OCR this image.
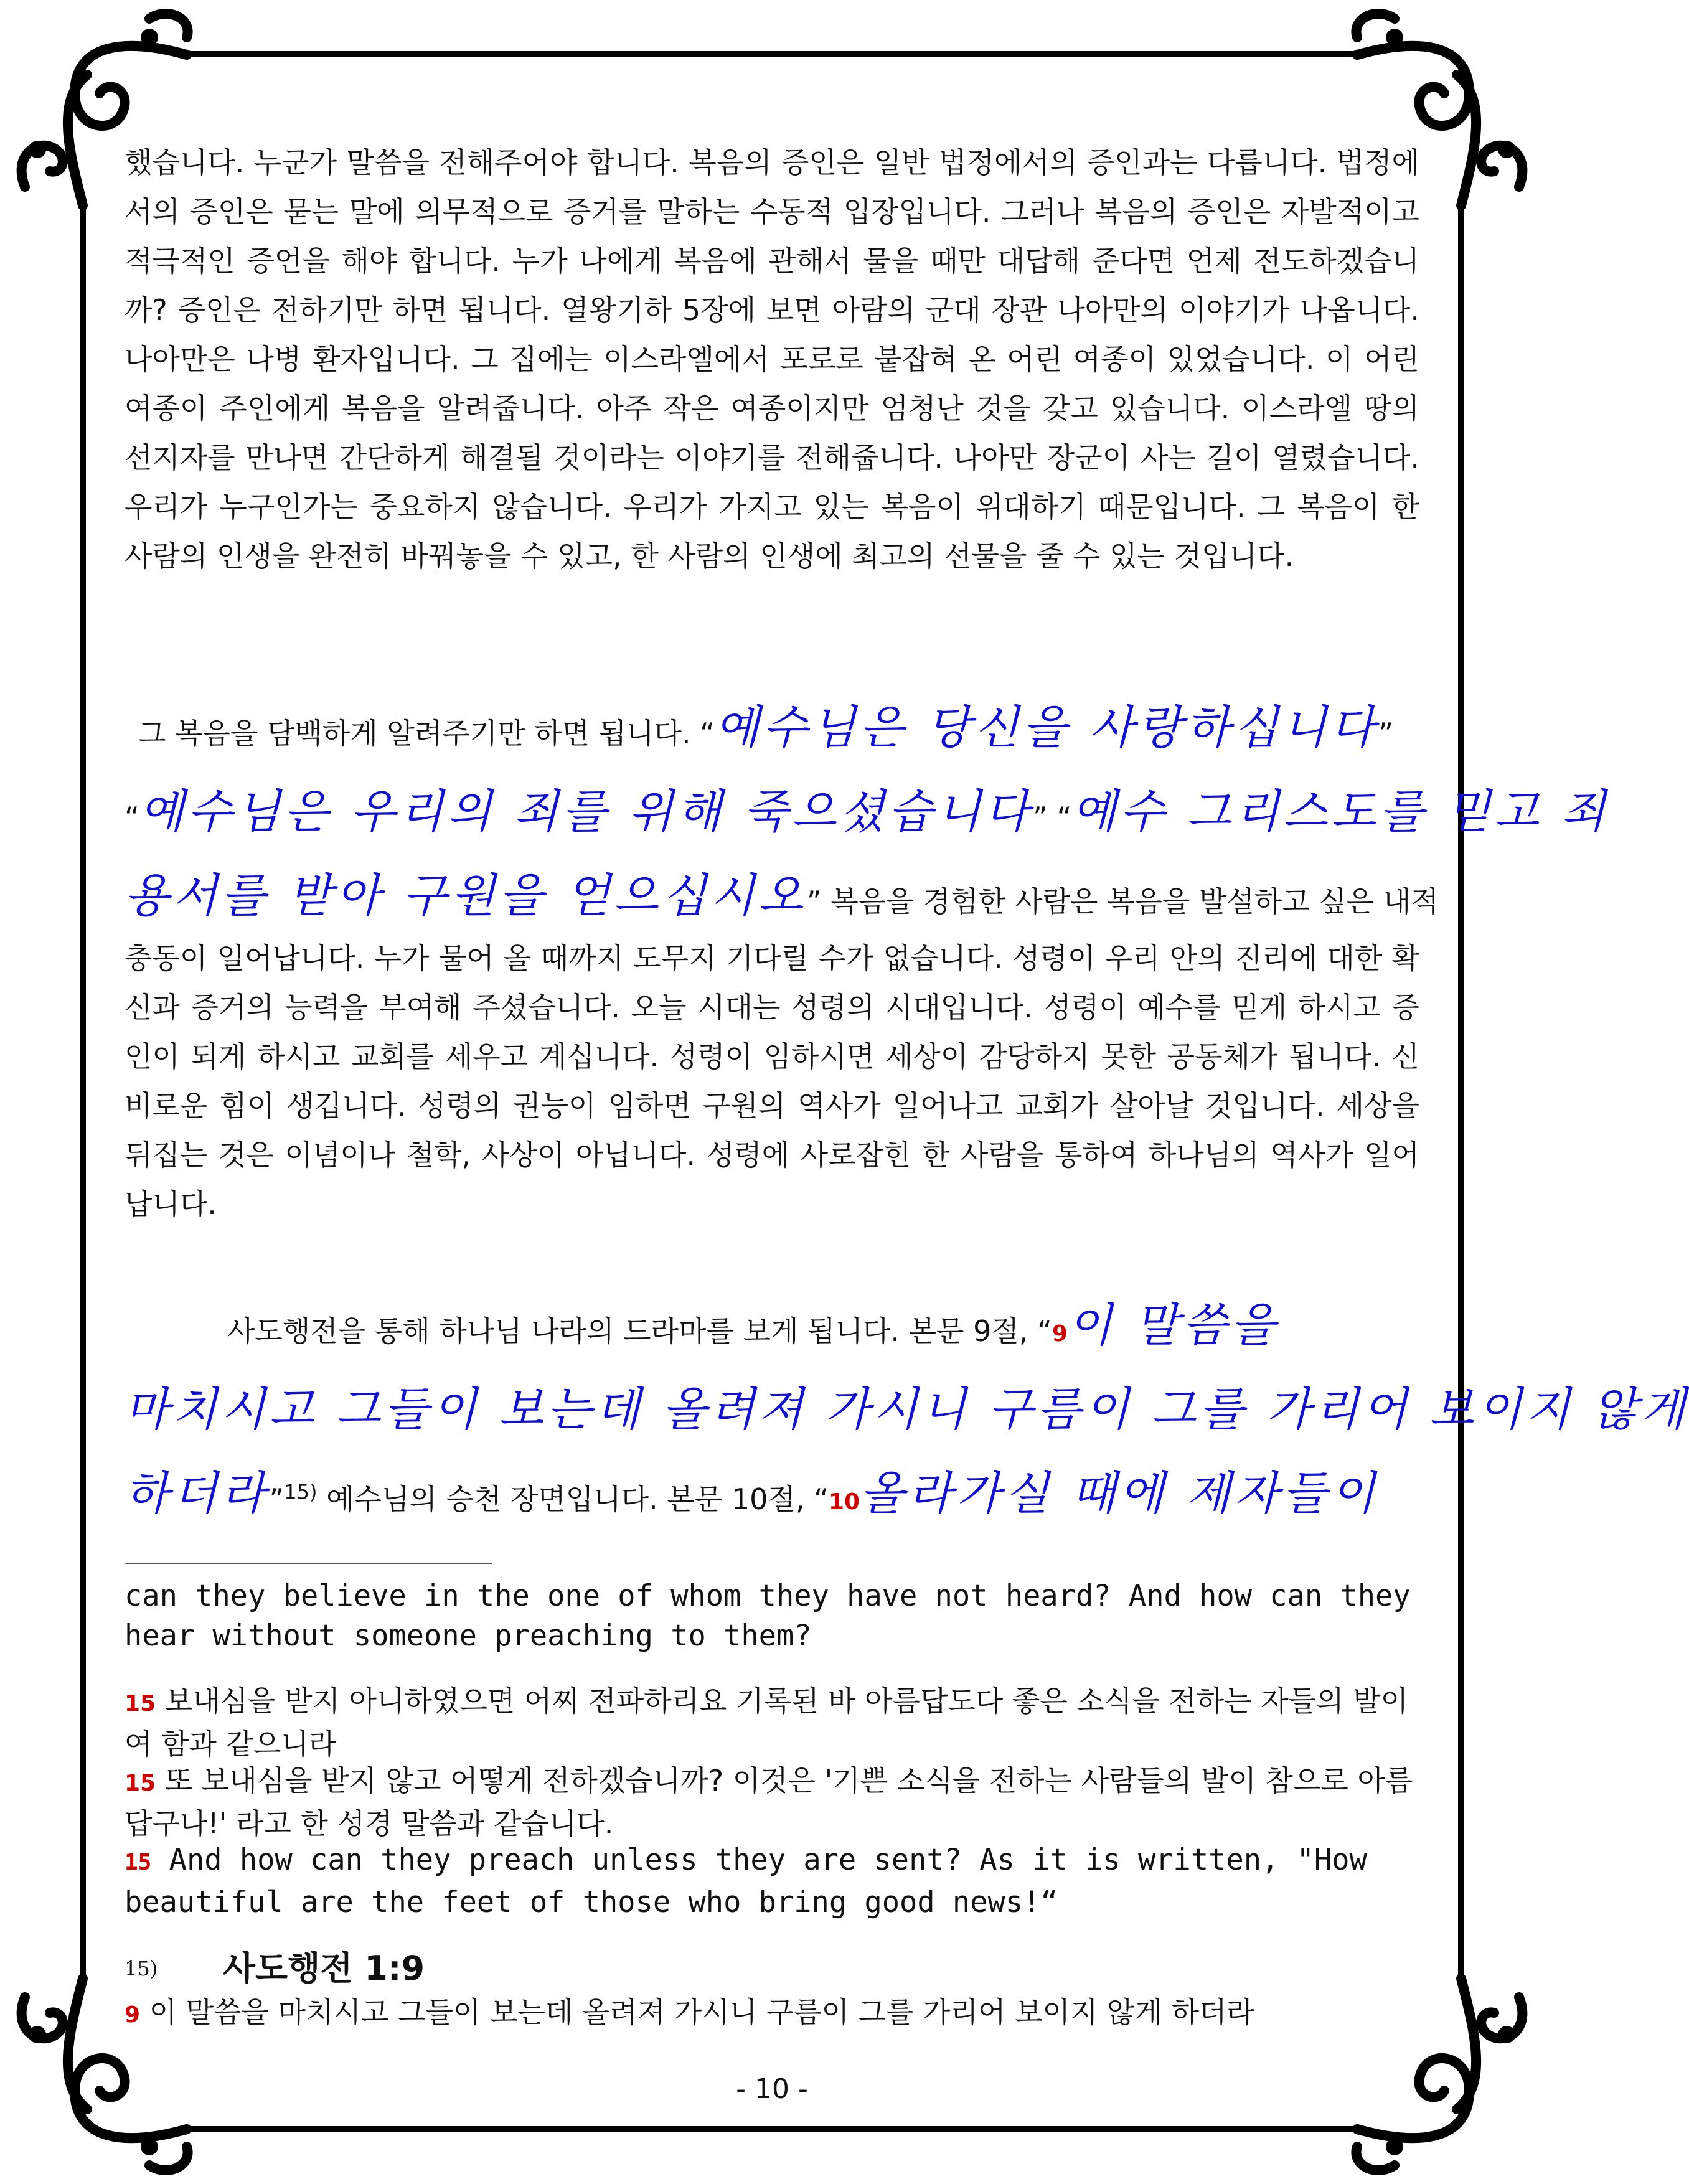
했습니다. 누군가 말씀을 전해주어야 합니다. 복음의 증인은 일반 법정에서의 증인과는 다릅니다. 법정에서의 증인은 묻는 말에 의무적으로 증거를 말하는 수동적 입장입니다. 그러나 복음의 증인은 자발적이고 적극적인 증언을 해야 합니다. 누가 나에게 복음에 관해서 물을 때만 대답해 준다면 언제 전도하겠습니까? 증인은 전하기만 하면 됩니다. 열왕기하 5장에 보면 아람의 군대 장관 나아만의 이야기가 나옵니다. 나아만은 나병 환자입니다. 그 집에는 이스라엘에서 포로로 붙잡혀 온 어린 여종이 있었습니다. 이 어린 여종이 주인에게 복음을 알려줍니다. 아주 작은 여종이지만 엄청난 것을 갖고 있습니다. 이스라엘 땅의 선지자를 만나면 간단하게 해결될 것이라는 이야기를 전해줍니다. 나아만 장군이 사는 길이 열렸습니다. 우리가 누구인가는 중요하지 않습니다. 우리가 가지고 있는 복음이 위대하기 때문입니다. 그 복음이 한 사람의 인생을 완전히 바꿔놓을 수 있고, 한 사람의 인생에 최고의 선물을 줄 수 있는 것입니다.
그 복음을 담백하게 알려주기만 하면 됩니다. “예수님은 당신을 사랑하십니다”
“예수님은 우리의 죄를 위해 죽으셨습니다” “예수 그리스도를 믿고 죄
용서를 받아 구원을 얻으십시오” 복음을 경험한 사람은 복음을 발설하고 싶은 내적
충동이 일어납니다. 누가 물어 올 때까지 도무지 기다릴 수가 없습니다. 성령이 우리 안의 진리에 대한 확신과 증거의 능력을 부여해 주셨습니다. 오늘 시대는 성령의 시대입니다. 성령이 예수를 믿게 하시고 증인이 되게 하시고 교회를 세우고 계십니다. 성령이 임하시면 세상이 감당하지 못한 공동체가 됩니다. 신비로운 힘이 생깁니다. 성령의 권능이 임하면 구원의 역사가 일어나고 교회가 살아날 것입니다. 세상을 뒤집는 것은 이념이나 철학, 사상이 아닙니다. 성령에 사로잡힌 한 사람을 통하여 하나님의 역사가 일어납니다.
사도행전을 통해 하나님 나라의 드라마를 보게 됩니다. 본문 9절, “9이 말씀을
마치시고 그들이 보는데 올려져 가시니 구름이 그를 가리어 보이지 않게
하더라”$^{15)}$ 예수님의 승천 장면입니다. 본문 10절, “10올라가실 때에 제자들이
can they believe in the one of whom they have not heard? And how can they hear without someone preaching to them?
15 보내심을 받지 아니하였으면 어찌 전파하리요 기록된 바 아름답도다 좋은 소식을 전하는 자들의 발이여 함과 같으니라
15 또 보내심을 받지 않고 어떻게 전하겠습니까? 이것은 '기쁜 소식을 전하는 사람들의 발이 참으로 아름답구나!' 라고 한 성경 말씀과 같습니다.
15 And how can they preach unless they are sent? As it is written, "How beautiful are the feet of those who bring good news!“
$^{15)}$ 사도행전 1:9
9 이 말씀을 마치시고 그들이 보는데 올려져 가시니 구름이 그를 가리어 보이지 않게 하더라
- 10 -
